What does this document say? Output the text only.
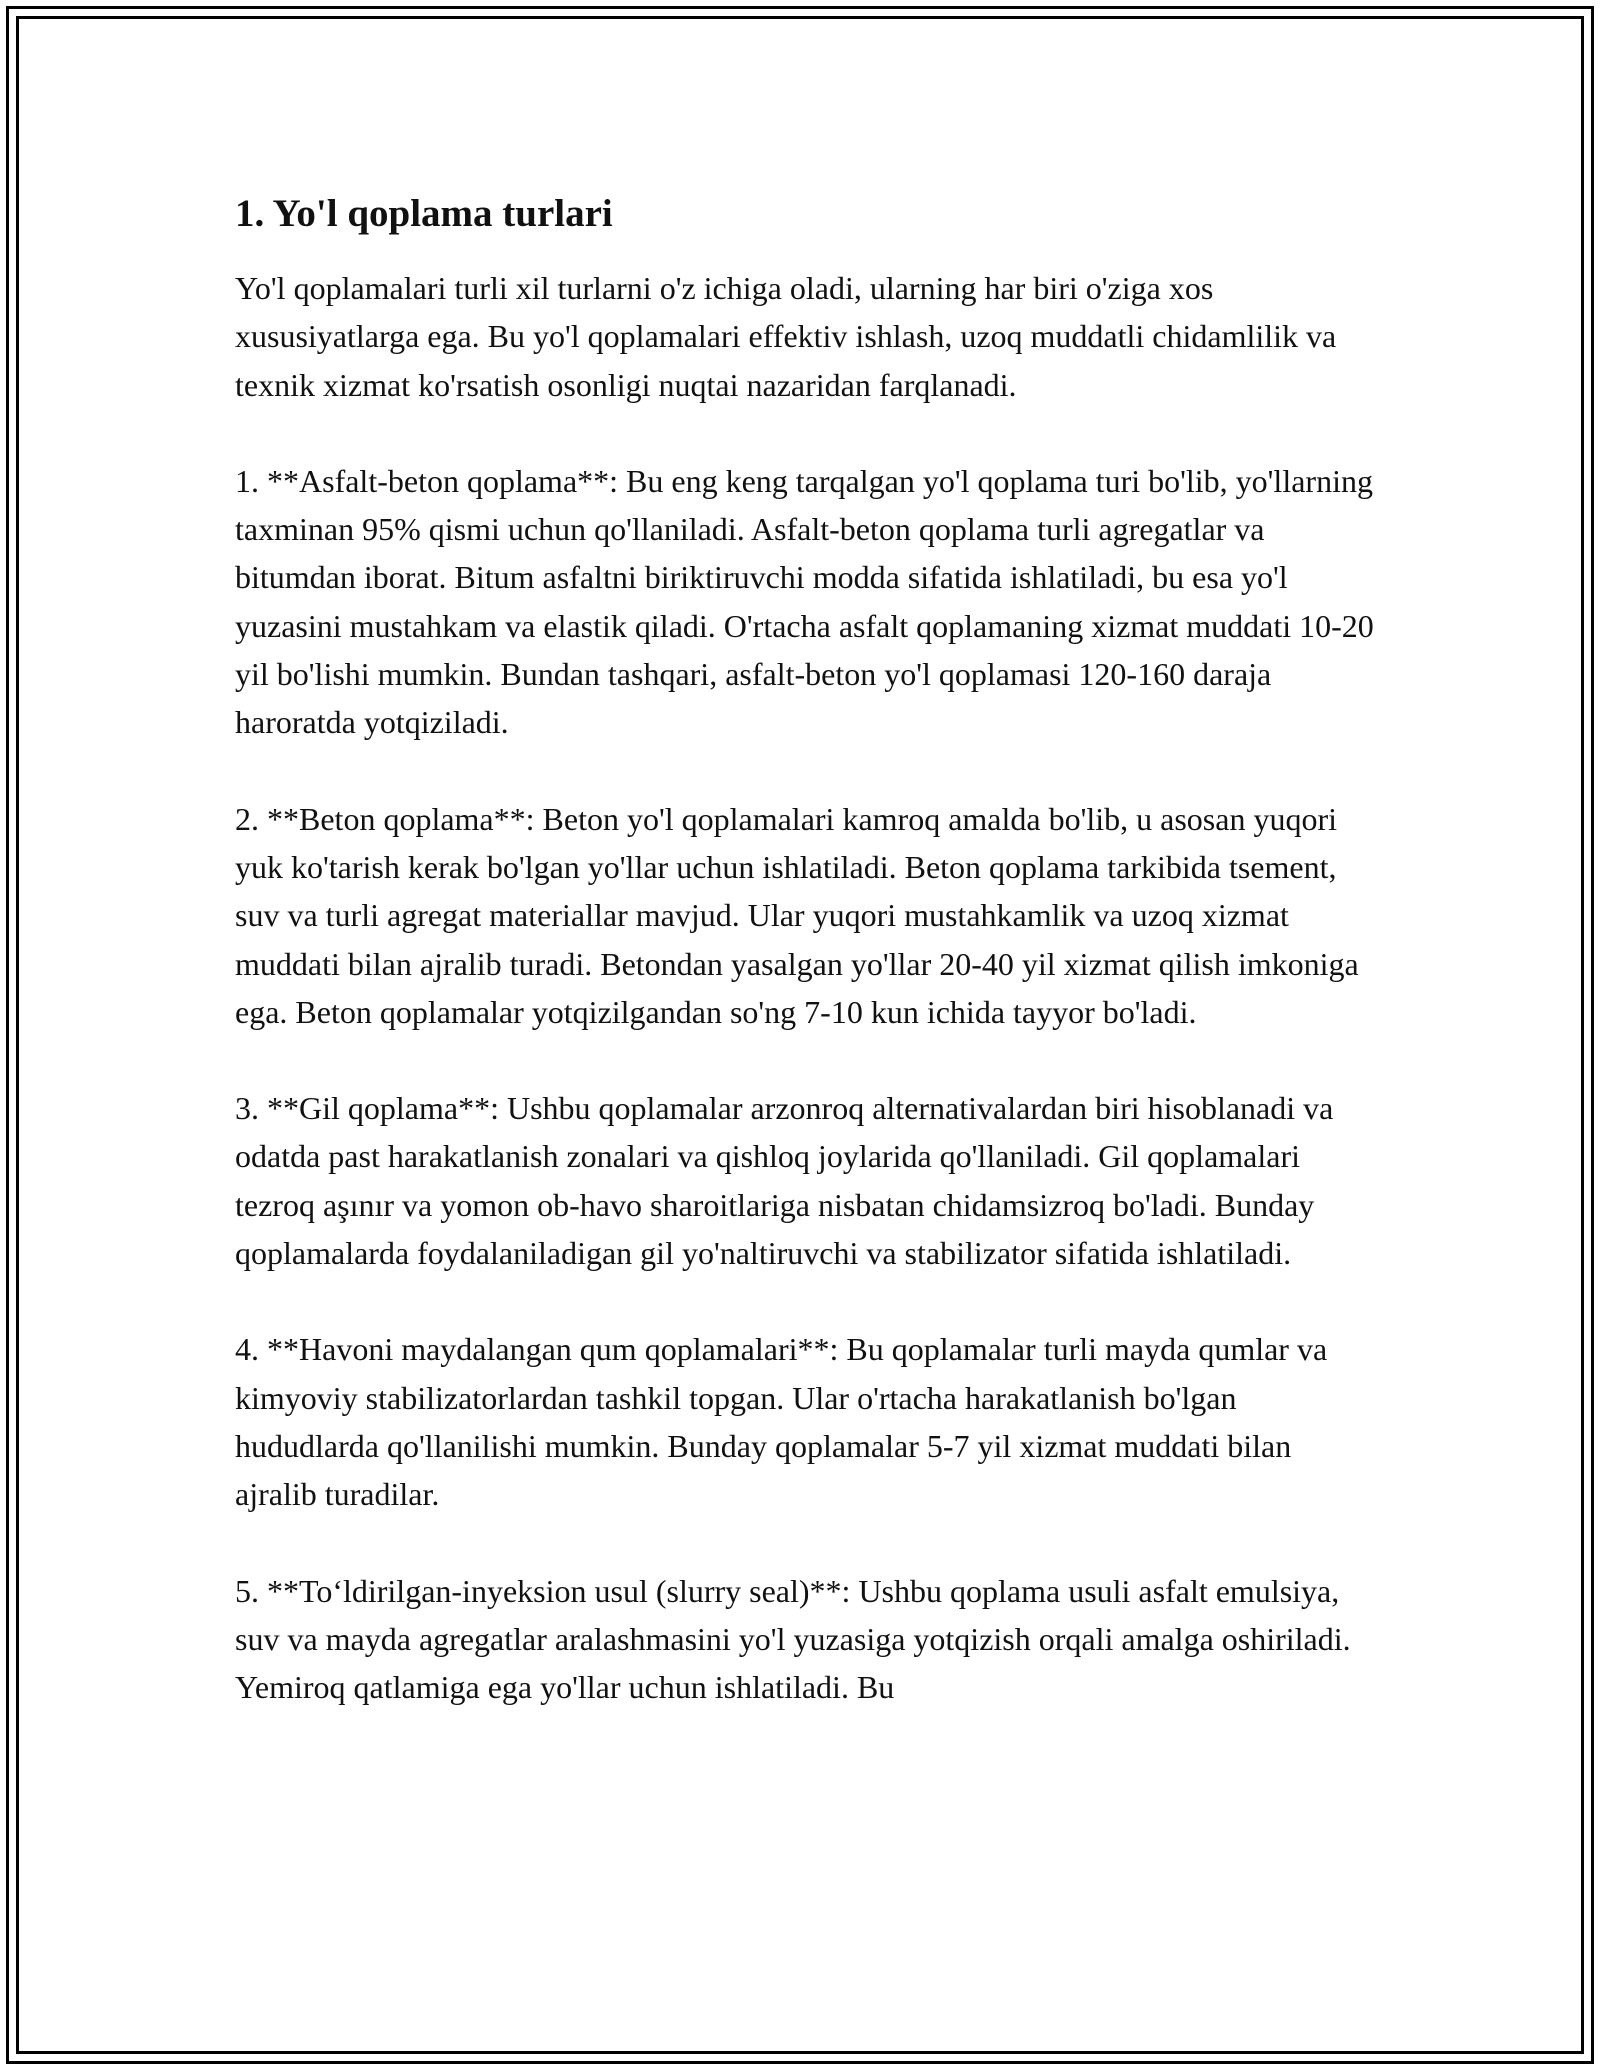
1. Yo'l qoplama turlari

Yo'l qoplamalari turli xil turlarni o'z ichiga oladi, ularning har biri o'ziga xos xususiyatlarga ega. Bu yo'l qoplamalari effektiv ishlash, uzoq muddatli chidamlilik va texnik xizmat ko'rsatish osonligi nuqtai nazaridan farqlanadi.

1. **Asfalt-beton qoplama**: Bu eng keng tarqalgan yo'l qoplama turi bo'lib, yo'llarning taxminan 95% qismi uchun qo'llaniladi. Asfalt-beton qoplama turli agregatlar va bitumdan iborat. Bitum asfaltni biriktiruvchi modda sifatida ishlatiladi, bu esa yo'l yuzasini mustahkam va elastik qiladi. O'rtacha asfalt qoplamaning xizmat muddati 10-20 yil bo'lishi mumkin. Bundan tashqari, asfalt-beton yo'l qoplamasi 120-160 daraja haroratda yotqiziladi.

2. **Beton qoplama**: Beton yo'l qoplamalari kamroq amalda bo'lib, u asosan yuqori yuk ko'tarish kerak bo'lgan yo'llar uchun ishlatiladi. Beton qoplama tarkibida tsement, suv va turli agregat materiallar mavjud. Ular yuqori mustahkamlik va uzoq xizmat muddati bilan ajralib turadi. Betondan yasalgan yo'llar 20-40 yil xizmat qilish imkoniga ega. Beton qoplamalar yotqizilgandan so'ng 7-10 kun ichida tayyor bo'ladi.

3. **Gil qoplama**: Ushbu qoplamalar arzonroq alternativalardan biri hisoblanadi va odatda past harakatlanish zonalari va qishloq joylarida qo'llaniladi. Gil qoplamalari tezroq aşınır va yomon ob-havo sharoitlariga nisbatan chidamsizroq bo'ladi. Bunday qoplamalarda foydalaniladigan gil yo'naltiruvchi va stabilizator sifatida ishlatiladi.

4. **Havoni maydalangan qum qoplamalari**: Bu qoplamalar turli mayda qumlar va kimyoviy stabilizatorlardan tashkil topgan. Ular o'rtacha harakatlanish bo'lgan hududlarda qo'llanilishi mumkin. Bunday qoplamalar 5-7 yil xizmat muddati bilan ajralib turadilar.

5. **To‘ldirilgan-inyeksion usul (slurry seal)**: Ushbu qoplama usuli asfalt emulsiya, suv va mayda agregatlar aralashmasini yo'l yuzasiga yotqizish orqali amalga oshiriladi. Yemiroq qatlamiga ega yo'llar uchun ishlatiladi. Bu
